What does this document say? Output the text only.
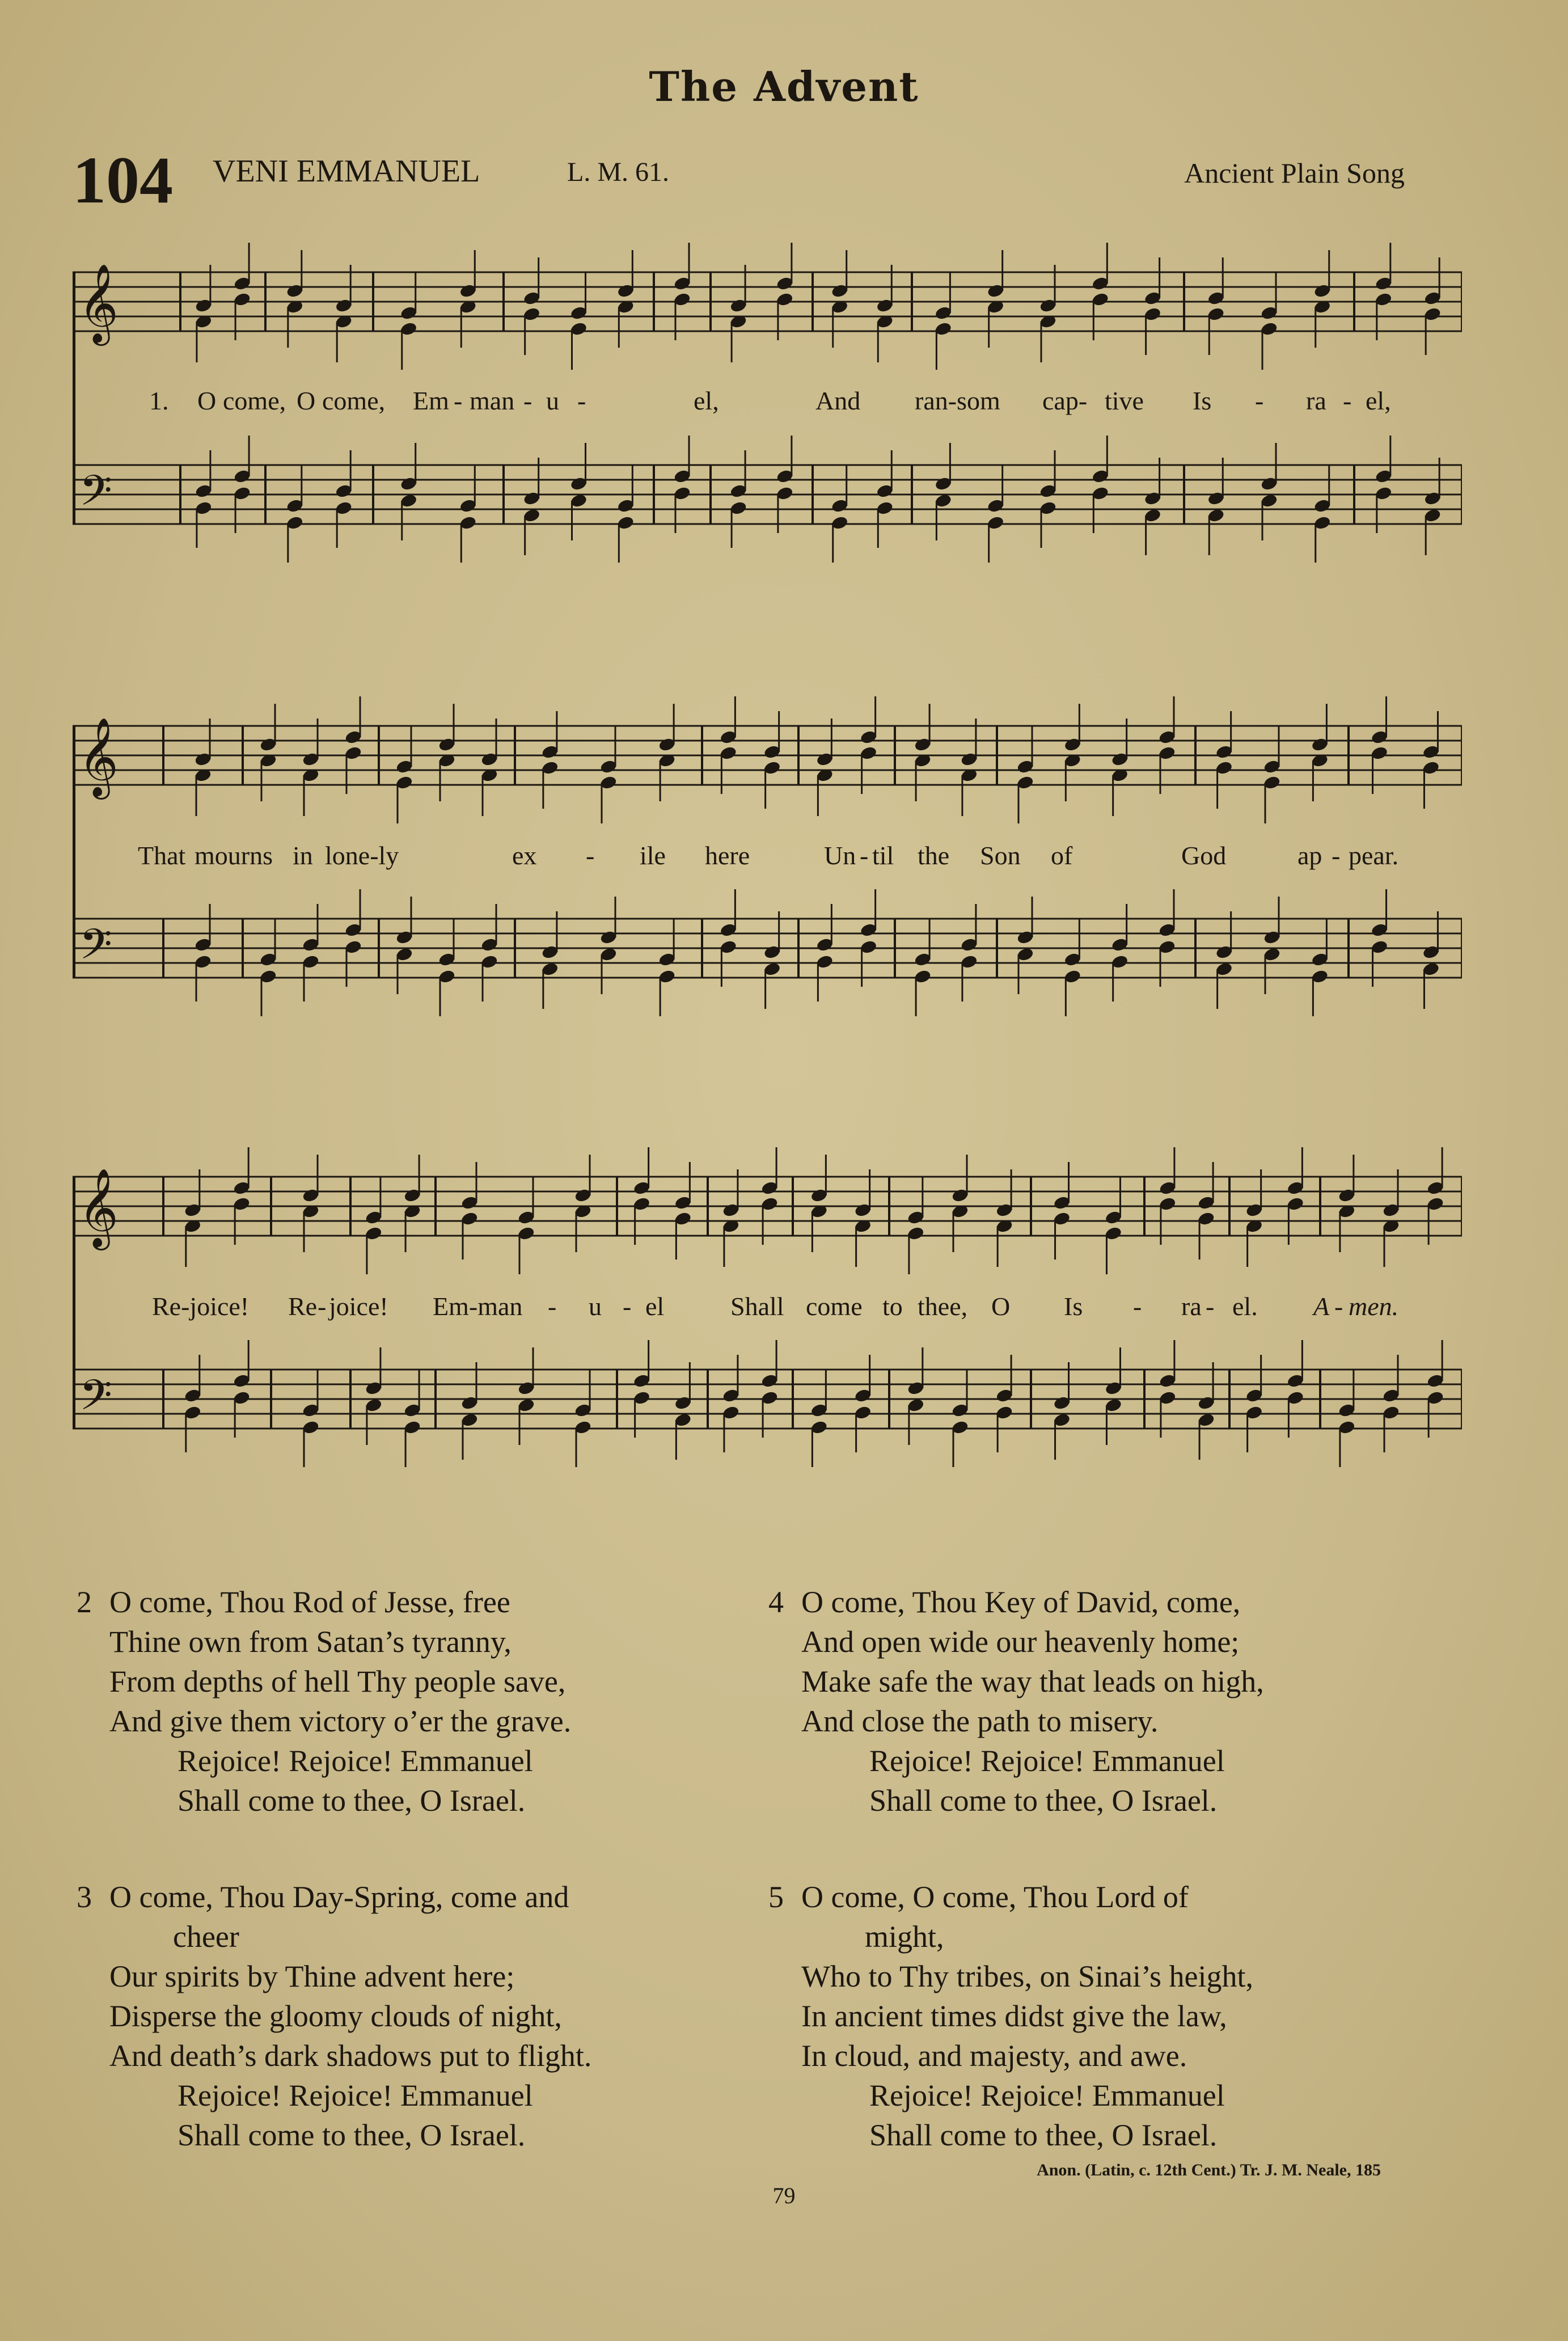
The Advent
104 VENI EMMANUEL	L. M. 61.	Ancient Plain Song
𝄞
𝄢
1. O come, O come, Em - man - u -	el,	And ran-som cap- tive Is - ra - el,
𝄞
𝄢
That mourns in lone-ly	ex - ile here	Un - til the Son of	God	ap - pear.
𝄞
𝄢
Re-joice! Re - joice! Em-man - u - el	Shall come to thee, O Is - ra - el. A - men.
2 O come, Thou Rod of Jesse, free
Thine own from Satan’s tyranny,
From depths of hell Thy people save,
And give them victory o’er the grave.
Rejoice! Rejoice! Emmanuel
Shall come to thee, O Israel.
3 O come, Thou Day-Spring, come and
cheer
Our spirits by Thine advent here;
Disperse the gloomy clouds of night,
And death’s dark shadows put to flight.
Rejoice! Rejoice! Emmanuel
Shall come to thee, O Israel.
4 O come, Thou Key of David, come,
And open wide our heavenly home;
Make safe the way that leads on high,
And close the path to misery.
Rejoice! Rejoice! Emmanuel
Shall come to thee, O Israel.
5 O come, O come, Thou Lord of
might,
Who to Thy tribes, on Sinai’s height,
In ancient times didst give the law,
In cloud, and majesty, and awe.
Rejoice! Rejoice! Emmanuel
Shall come to thee, O Israel.
Anon. (Latin, c. 12th Cent.) Tr. J. M. Neale, 185
79
